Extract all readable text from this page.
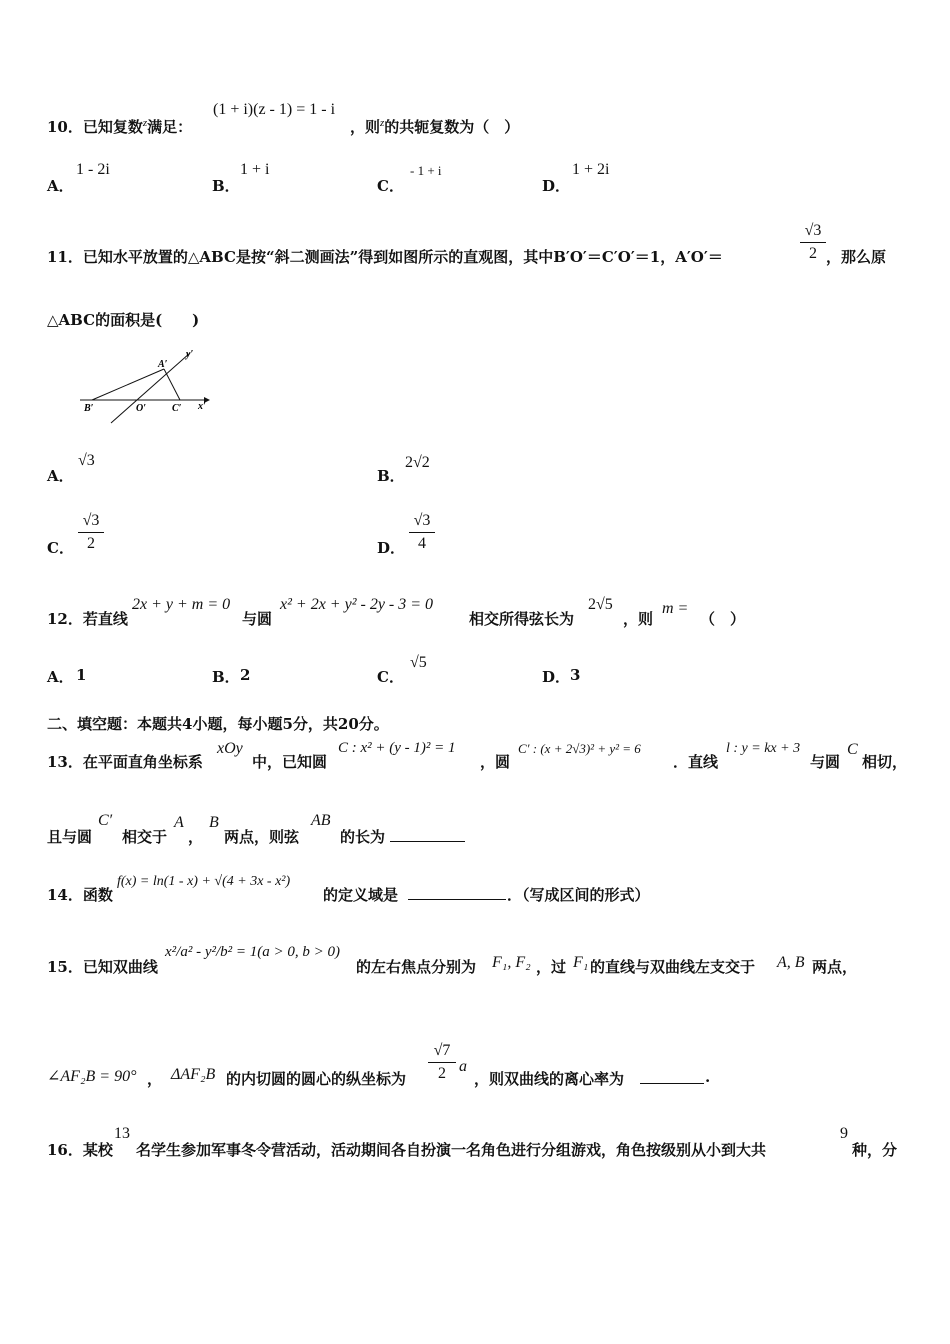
10．已知复数$^z$满足：
(1 + i)(z - 1) = 1 - i
，则$^z$的共轭复数为（　）
A．
1 - 2i
B．
1 + i
C．
- 1 + i
D．
1 + 2i
11．已知水平放置的△ABC是按“斜二测画法”得到如图所示的直观图，其中B′O′＝C′O′＝1，A′O′＝
√3
2 ，那么原
△ABC的面积是(　　)
A′
y′
B′	O′	C′ x′
A．
√3
B．
2√2
C．
√3
2	D．
√3
4
12．若直线
2x + y + m = 0
与圆
x² + 2x + y² - 2y - 3 = 0
相交所得弦长为
2√5
，则
m =
（　）
A． 1	B． 2	C．
√5
D． 3
二、填空题：本题共4小题，每小题5分，共20分。
13．在平面直角坐标系
xOy
中，已知圆
C : x² + (y - 1)² = 1
，圆
C′ : (x + 2√3)² + y² = 6
．直线
l : y = kx + 3
与圆
C
相切，
且与圆
C′
相交于
A
，
B
两点，则弦
AB
的长为
14．函数
f(x) = ln(1 - x) + √(4 + 3x - x²)
的定义域是	．（写成区间的形式）
15．已知双曲线
x²/a² - y²/b² = 1(a > 0, b > 0)
的左右焦点分别为 F₁, F₂ ，过 F₁ 的直线与双曲线左支交于 A, B 两点，
∠AF₂B = 90° ， ΔAF₂B 的内切圆的圆心的纵坐标为
√7
2 a
，则双曲线的离心率为	.
16．某校
13
名学生参加军事冬令营活动，活动期间各自扮演一名角色进行分组游戏，角色按级别从小到大共
9
种，分
